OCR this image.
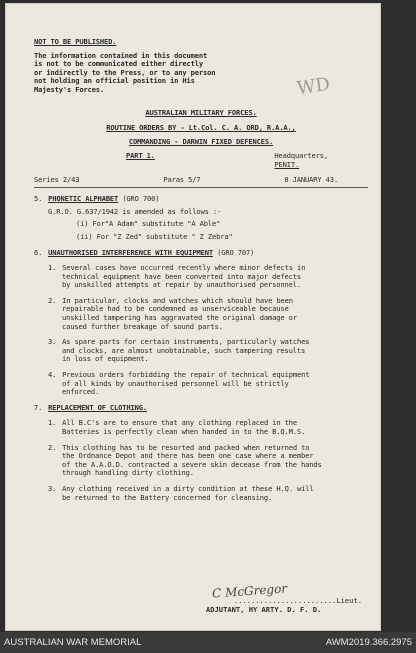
WD
NOT TO BE PUBLISHED.
The information contained in this document
is not to be communicated either directly
or indirectly to the Press, or to any person
not holding an official position in His
Majesty's Forces.
AUSTRALIAN MILITARY FORCES.
ROUTINE ORDERS BY - Lt.Col. C. A. ORD, R.A.A.,
COMMANDING - DARWIN FIXED DEFENCES.
PART 1.	Headquarters,
PENIT.
Series 2/43	Paras 5/7	8 JANUARY 43.
5. PHONETIC ALPHABET (GRO 700)
G.R.O. G.637/1942 is amended as follows :-
(i) For"A Adam" substitute "A Able"
(ii) For "Z Zed" substitute " Z Zebra"
6. UNAUTHORISED INTERFERENCE WITH EQUIPMENT (GRO 707)
1. Several cases have occurred recently where minor defects in
technical equipment have been converted into major defects
by unskilled attempts at repair by unauthorised personnel.
2. In particular, clocks and watches which should have been
repairable had to be condemned as unserviceable because
unskilled tampering has aggravated the original damage or
caused further breakage of sound parts.
3. As spare parts for certain instruments, particularly watches
and clocks, are almost unobtainable, such tampering results
in loss of equipment.
4. Previous orders forbidding the repair of technical equipment
of all kinds by unauthorised personnel will be strictly
enforced.
7. REPLACEMENT OF CLOTHING.
1. All B.C's are to ensure that any clothing replaced in the
Batteries is perfectly clean when handed in to the B.Q.M.S.
2. This clothing has to be resorted and packed when returned to
the Ordnance Depot and there has been one case where a member
of the A.A.O.D. contracted a severe skin decease from the hands
through handling dirty clothing.
3. Any clothing received in a dirty condition at these H.Q. will
be returned to the Battery concerned for cleansing.
C McGregor
........................Lieut.
ADJUTANT, HY ARTY. D. F. D.
AUSTRALIAN WAR MEMORIAL	AWM2019.366.2975
